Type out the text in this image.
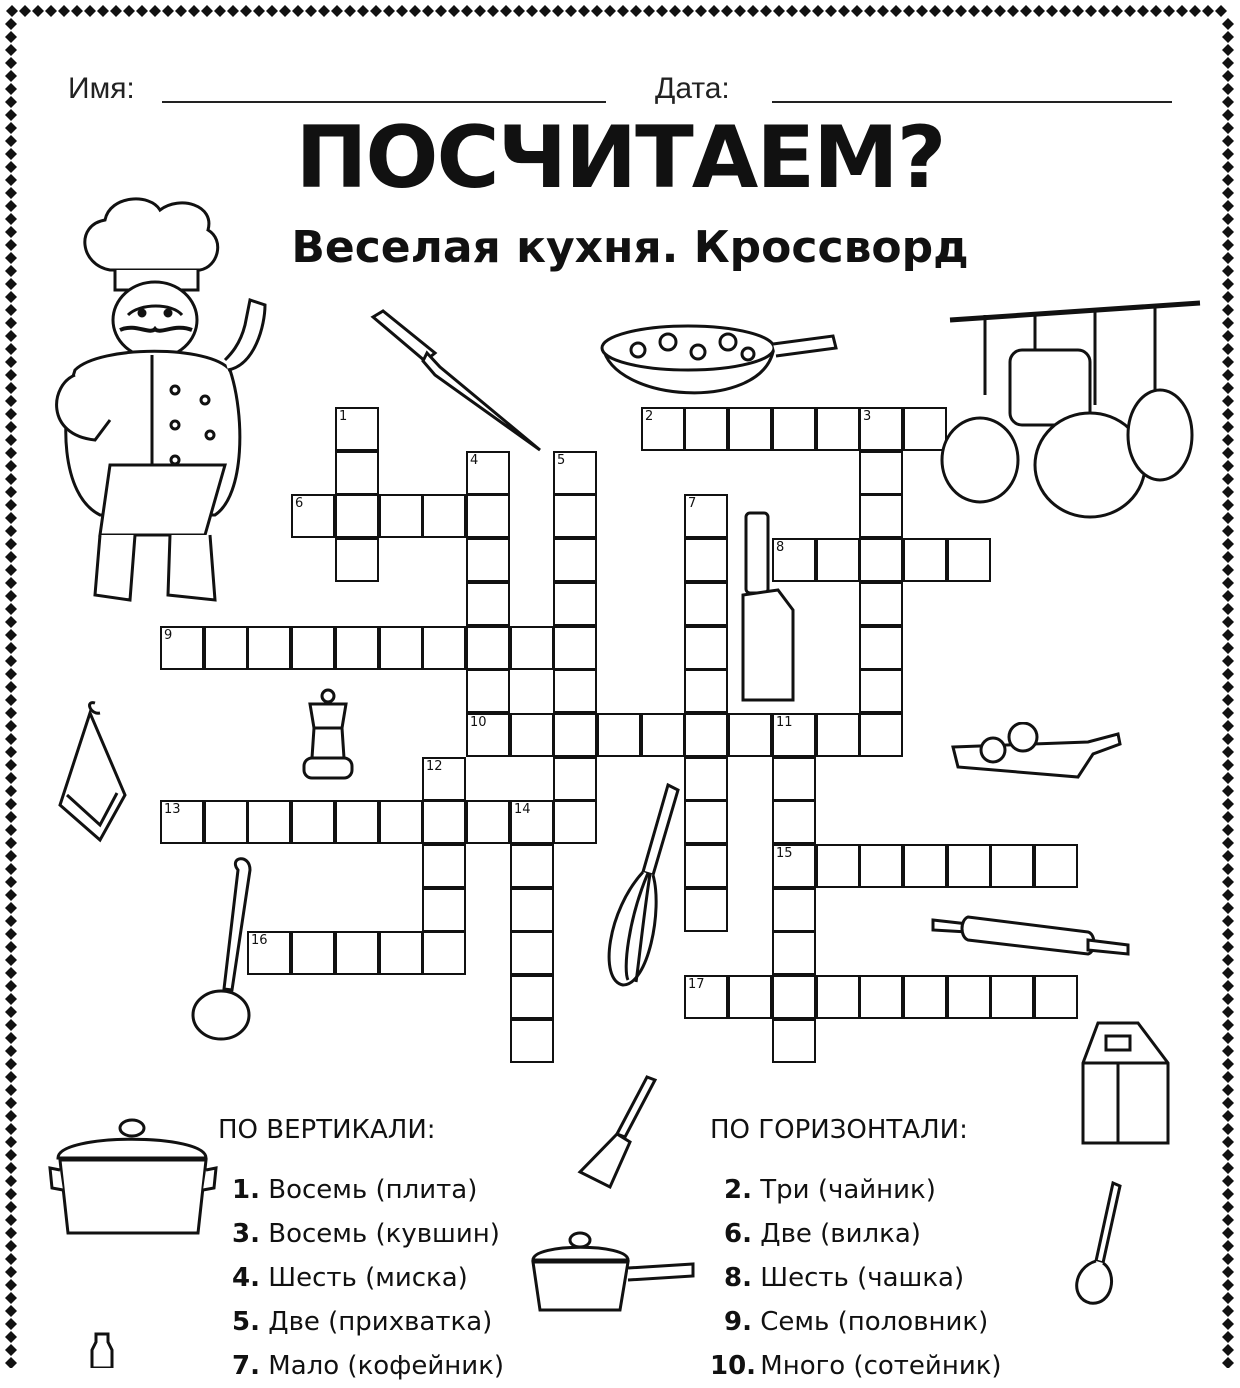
Имя:	Дата:
ПОСЧИТАЕМ?
Веселая кухня. Кроссворд
1	2	3
4	5
6	7
8
9
10	11
15
12
13	14
16
17
ПО ВЕРТИКАЛИ:
1. Восемь (плита)
3. Восемь (кувшин)
4. Шесть (миска)
5. Две (прихватка)
7. Мало (кофейник)
ПО ГОРИЗОНТАЛИ:
2. Три (чайник)
6. Две (вилка)
8. Шесть (чашка)
9. Семь (половник)
10. Много (сотейник)
